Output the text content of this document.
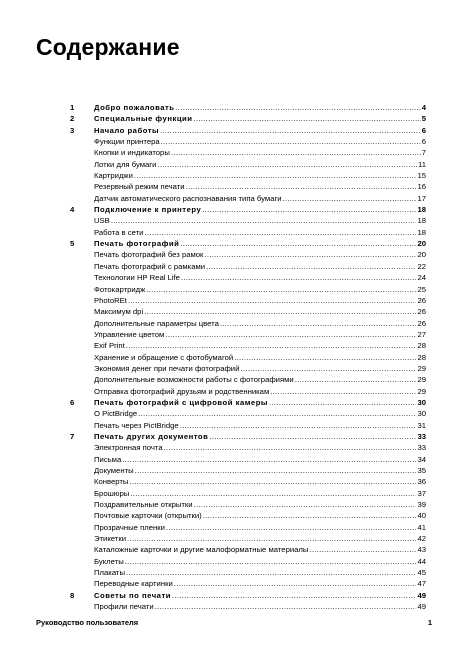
Содержание
1	Добро пожаловать .....	4
2	Специальные функции .....	5
3	Начало работы .....	6
Функции принтера .....	6
Кнопки и индикаторы .....	7
Лотки для бумаги .....	11
Картриджи .....	15
Резервный режим печати .....	16
Датчик автоматического распознавания типа бумаги .....	17
4	Подключение к принтеру .....	18
USB .....	18
Работа в сети .....	18
5	Печать фотографий .....	20
Печать фотографий без рамок .....	20
Печать фотографий с рамками .....	22
Технологии HP Real Life .....	24
Фотокартридж .....	25
PhotoREt .....	26
Максимум dpi .....	26
Дополнительные параметры цвета .....	26
Управление цветом .....	27
Exif Print .....	28
Хранение и обращение с фотобумагой .....	28
Экономия денег при печати фотографий .....	29
Дополнительные возможности работы с фотографиями .....	29
Отправка фотографий друзьям и родственникам .....	29
6	Печать фотографий с цифровой камеры .....	30
О PictBridge .....	30
Печать через PictBridge .....	31
7	Печать других документов .....	33
Электронная почта .....	33
Письма .....	34
Документы .....	35
Конверты .....	36
Брошюры .....	37
Поздравительные открытки .....	39
Почтовые карточки (открытки) .....	40
Прозрачные пленки .....	41
Этикетки .....	42
Каталожные карточки и другие малоформатные материалы .....	43
Буклеты .....	44
Плакаты .....	45
Переводные картинки .....	47
8	Советы по печати .....	49
Профили печати .....	49
Руководство пользователя	1
